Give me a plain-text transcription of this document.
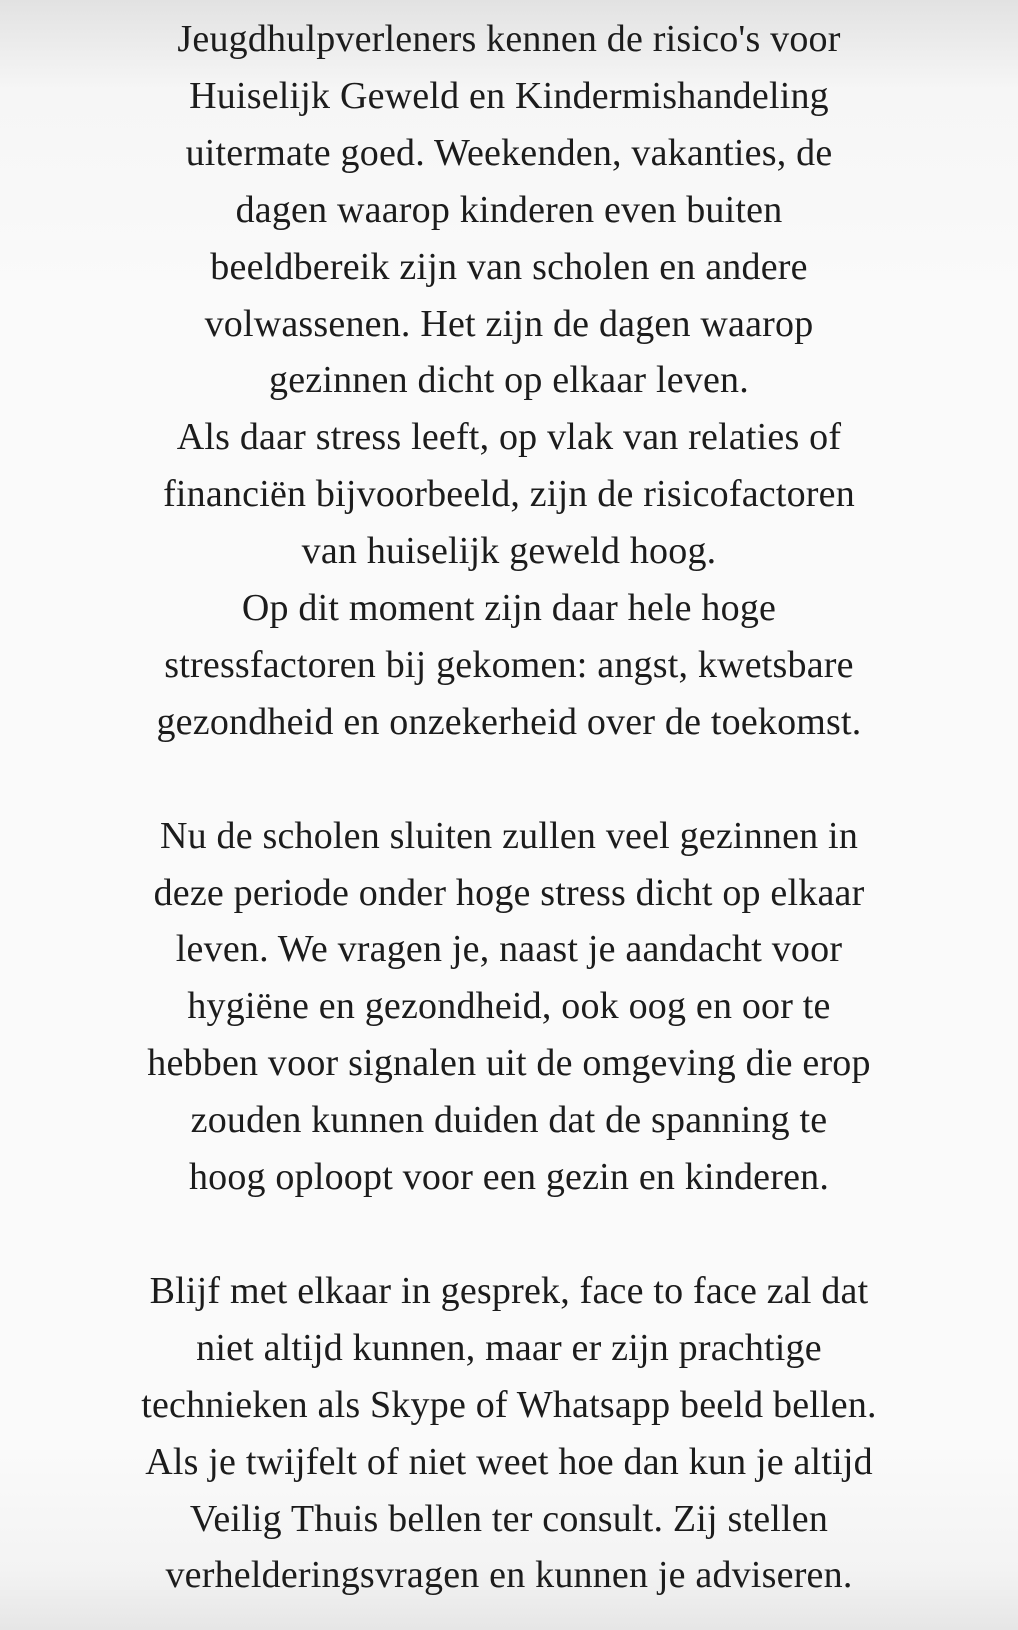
Jeugdhulpverleners kennen de risico's voor
Huiselijk Geweld en Kindermishandeling
uitermate goed. Weekenden, vakanties, de
dagen waarop kinderen even buiten
beeldbereik zijn van scholen en andere
volwassenen. Het zijn de dagen waarop
gezinnen dicht op elkaar leven.
Als daar stress leeft, op vlak van relaties of
financiën bijvoorbeeld, zijn de risicofactoren
van huiselijk geweld hoog.
Op dit moment zijn daar hele hoge
stressfactoren bij gekomen: angst, kwetsbare
gezondheid en onzekerheid over de toekomst.

Nu de scholen sluiten zullen veel gezinnen in
deze periode onder hoge stress dicht op elkaar
leven. We vragen je, naast je aandacht voor
hygiëne en gezondheid, ook oog en oor te
hebben voor signalen uit de omgeving die erop
zouden kunnen duiden dat de spanning te
hoog oploopt voor een gezin en kinderen.

Blijf met elkaar in gesprek, face to face zal dat
niet altijd kunnen, maar er zijn prachtige
technieken als Skype of Whatsapp beeld bellen.
Als je twijfelt of niet weet hoe dan kun je altijd
Veilig Thuis bellen ter consult. Zij stellen
verhelderingsvragen en kunnen je adviseren.
